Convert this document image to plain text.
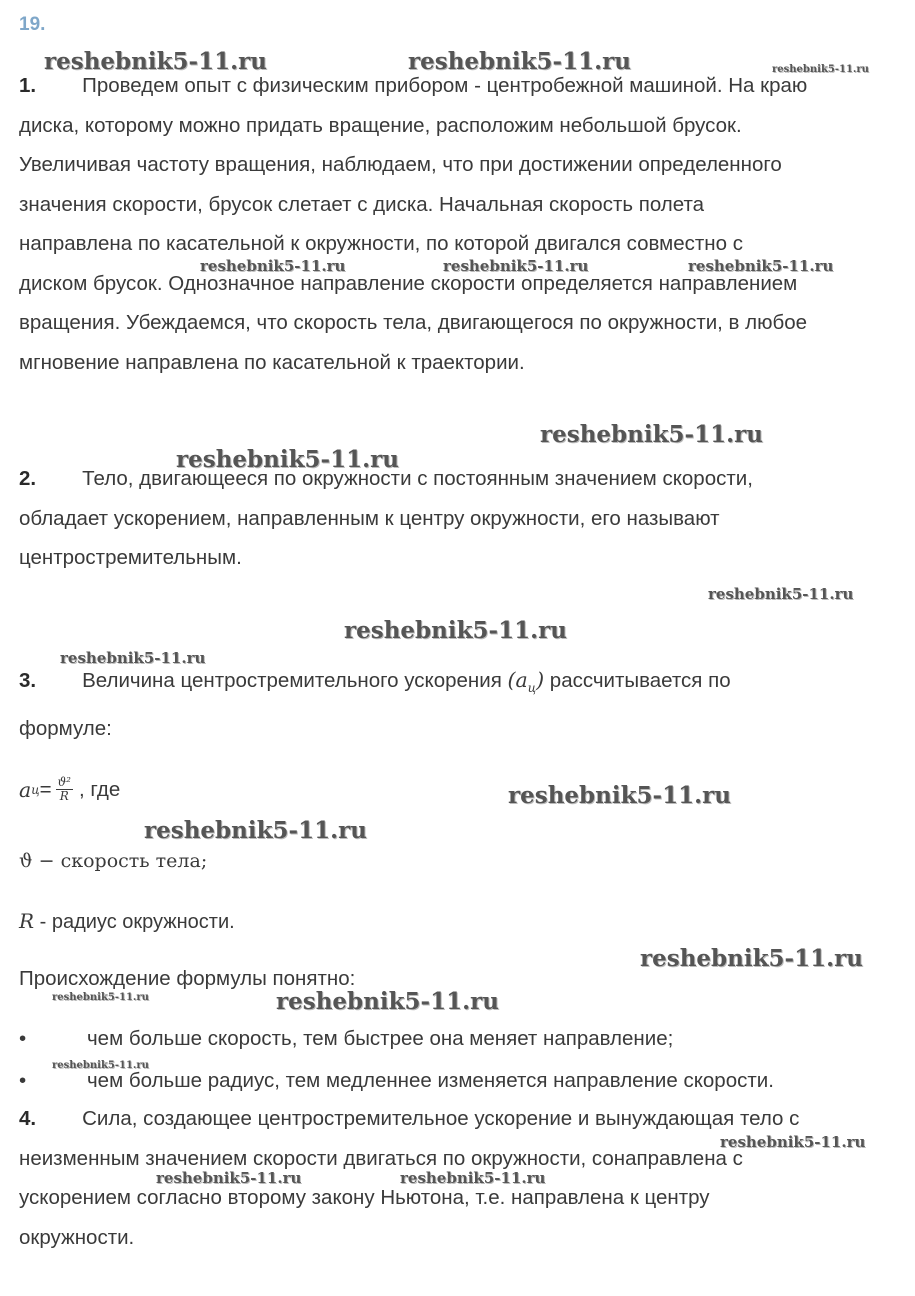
19.
1. Проведем опыт с физическим прибором - центробежной машиной. На краю
диска, которому можно придать вращение, расположим небольшой брусок.
Увеличивая частоту вращения, наблюдаем, что при достижении определенного
значения скорости, брусок слетает с диска. Начальная скорость полета
направлена по касательной к окружности, по которой двигался совместно с
диском брусок. Однозначное направление скорости определяется направлением
вращения. Убеждаемся, что скорость тела, двигающегося по окружности, в любое
мгновение направлена по касательной к траектории.
2. Тело, двигающееся по окружности с постоянным значением скорости,
обладает ускорением, направленным к центру окружности, его называют
центростремительным.
3. Величина центростремительного ускорения $(a_ц)$ рассчитывается по
формуле:
a $ц = \frac{\text{ϑ²}}{R}$ , где
ϑ − скорость тела;
R - радиус окружности.
Происхождение формулы понятно:
•	чем больше скорость, тем быстрее она меняет направление;
•	чем больше радиус, тем медленнее изменяется направление скорости.
4. Сила, создающее центростремительное ускорение и вынуждающая тело с
неизменным значением скорости двигаться по окружности, сонаправлена с
ускорением согласно второму закону Ньютона, т.е. направлена к центру
окружности.
reshebnik5-11.ru	reshebnik5-11.ru	reshebnik5-11.ru
reshebnik5-11.ru	reshebnik5-11.ru	reshebnik5-11.ru
reshebnik5-11.ru
reshebnik5-11.ru
reshebnik5-11.ru
reshebnik5-11.ru
reshebnik5-11.ru
reshebnik5-11.ru
reshebnik5-11.ru
reshebnik5-11.ru
reshebnik5-11.ru	reshebnik5-11.ru
reshebnik5-11.ru
reshebnik5-11.ru
reshebnik5-11.ru	reshebnik5-11.ru
